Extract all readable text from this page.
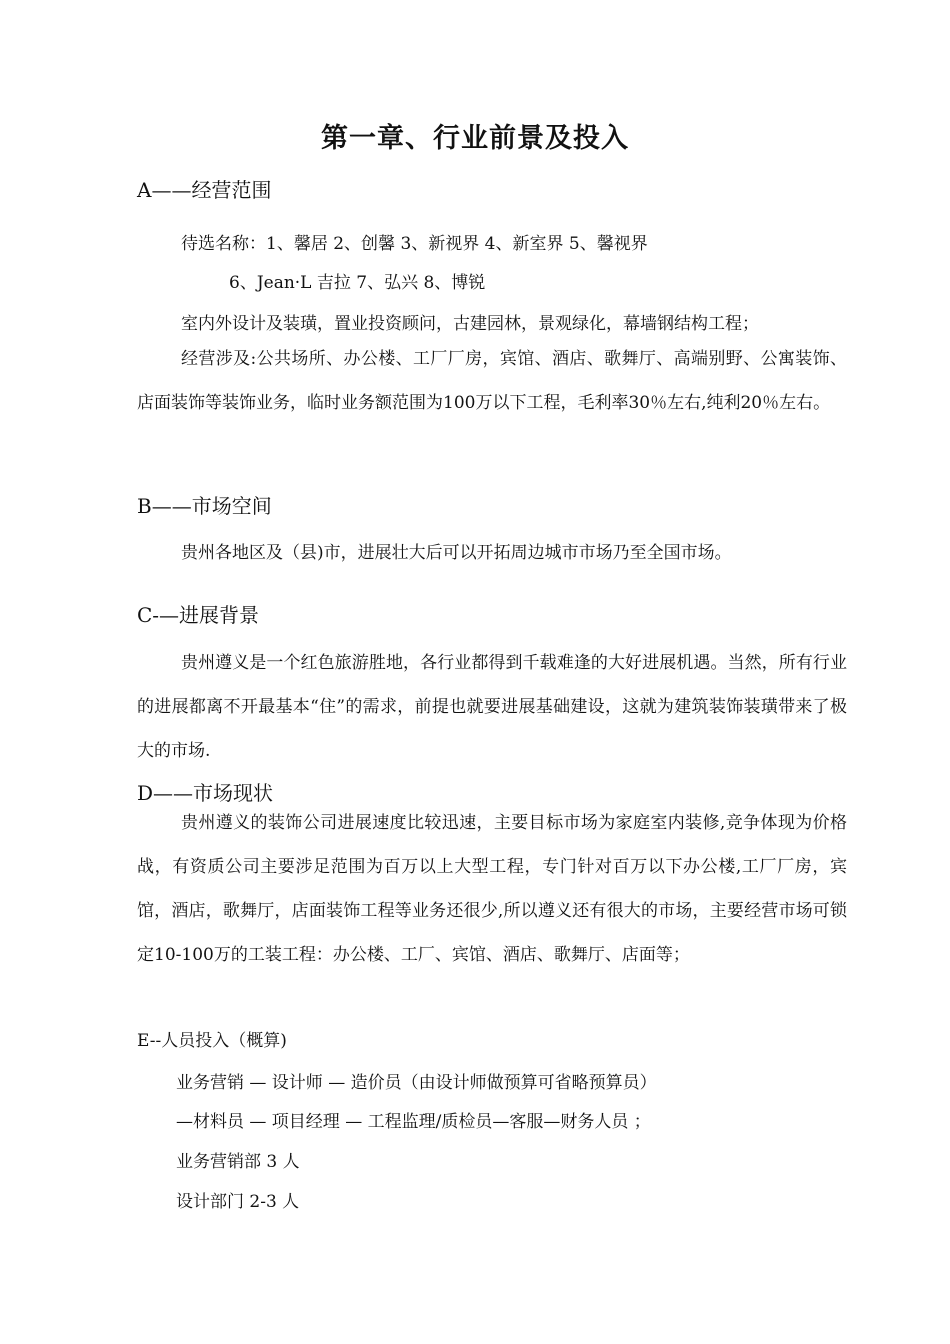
第一章、行业前景及投入
A——经营范围
待选名称：1、馨居 2、创馨 3、新视界 4、新室界 5、馨视界
6、Jean·L 吉拉 7、弘兴 8、博锐
室内外设计及装璜，置业投资顾问，古建园林，景观绿化，幕墙钢结构工程；

经营涉及:公共场所、办公楼、工厂厂房，宾馆、酒店、歌舞厅、高端别野、公寓装饰、店面装饰等装饰业务，临时业务额范围为100万以下工程，毛利率30％左右,纯利20％左右。

B——市场空间

贵州各地区及（县)市，进展壮大后可以开拓周边城市市场乃至全国市场。

C-—进展背景

贵州遵义是一个红色旅游胜地，各行业都得到千载难逢的大好进展机遇。当然，所有行业的进展都离不开最基本“住”的需求，前提也就要进展基础建设，这就为建筑装饰装璜带来了极大的市场.

D——市场现状

贵州遵义的装饰公司进展速度比较迅速，主要目标市场为家庭室内装修,竞争体现为价格战，有资质公司主要涉足范围为百万以上大型工程，专门针对百万以下办公楼,工厂厂房，宾馆，酒店，歌舞厅，店面装饰工程等业务还很少,所以遵义还有很大的市场，主要经营市场可锁定10-100万的工装工程：办公楼、工厂、宾馆、酒店、歌舞厅、店面等；

E--人员投入（概算)
业务营销 — 设计师 — 造价员（由设计师做预算可省略预算员）
—材料员 — 项目经理 — 工程监理/质检员—客服—财务人员 ；
业务营销部 3 人
设计部门 2-3 人
